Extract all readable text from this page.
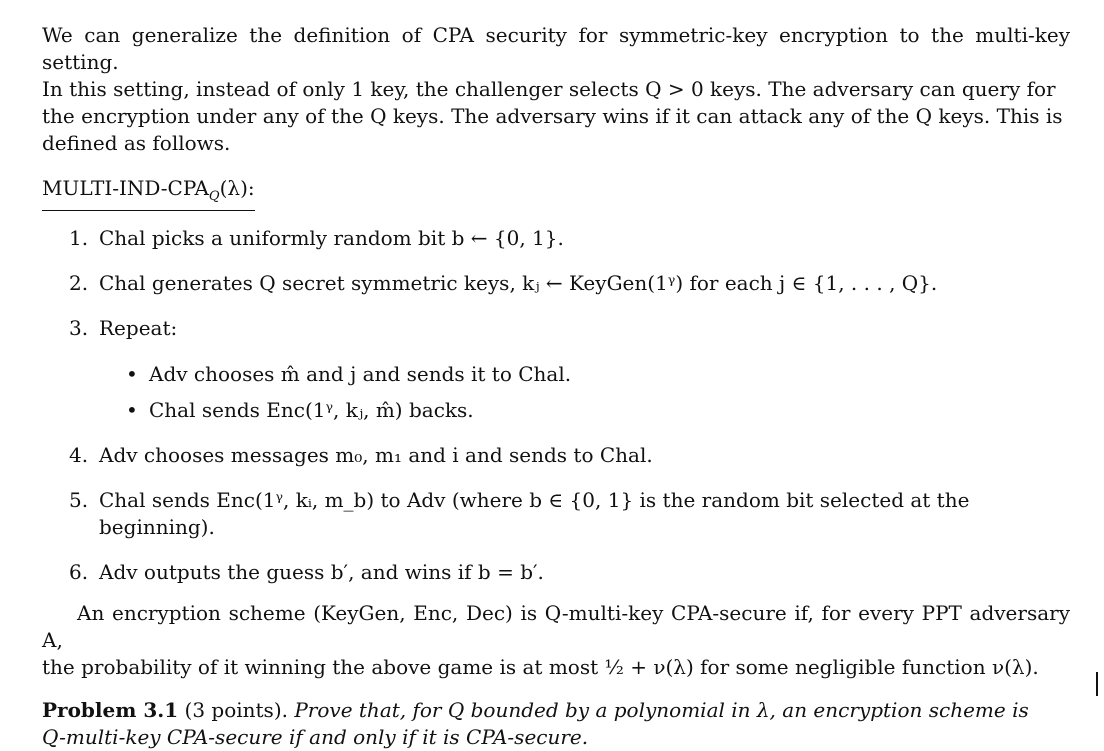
We can generalize the definition of CPA security for symmetric-key encryption to the multi-key setting.
In this setting, instead of only 1 key, the challenger selects Q > 0 keys. The adversary can query for
the encryption under any of the Q keys. The adversary wins if it can attack any of the Q keys. This is
defined as follows.

MULTI-$IND-CPA_Q(\lambda)$:
1. Chal picks a uniformly random bit b ← {0, 1}.
2. Chal generates Q secret symmetric keys, kⱼ ← KeyGen(1ᵞ) for each j ∈ {1, . . . , Q}.
3. Repeat:
• Adv chooses m̂ and j and sends it to Chal.
• Chal sends Enc(1ᵞ, kⱼ, m̂) backs.
4. Adv chooses messages m₀, m₁ and i and sends to Chal.
5. Chal sends Enc(1ᵞ, kᵢ, m_b) to Adv (where b ∈ {0, 1} is the random bit selected at the beginning).
6. Adv outputs the guess b′, and wins if b = b′.

An encryption scheme (KeyGen, Enc, Dec) is Q-multi-key CPA-secure if, for every PPT adversary A,
the probability of it winning the above game is at most ½ + ν(λ) for some negligible function ν(λ).

Problem 3.1 (3 points). Prove that, for Q bounded by a polynomial in λ, an encryption scheme is
Q-multi-key CPA-secure if and only if it is CPA-secure.
